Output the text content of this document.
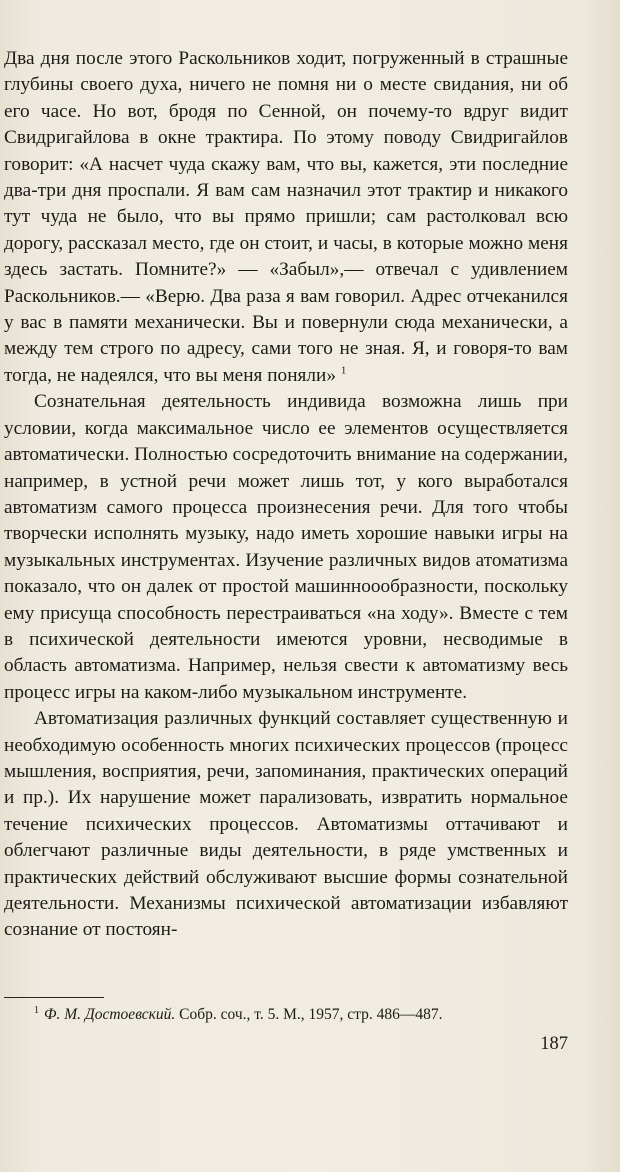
Два дня после этого Раскольников ходит, погруженный в страшные глубины своего духа, ничего не помня ни о месте свидания, ни об его часе. Но вот, бродя по Сенной, он почему-то вдруг видит Свидригайлова в окне трактира. По этому поводу Свидригайлов говорит: «А насчет чуда скажу вам, что вы, кажется, эти последние два-три дня проспали. Я вам сам назначил этот трактир и никакого тут чуда не было, что вы прямо пришли; сам растолковал всю дорогу, рассказал место, где он стоит, и часы, в которые можно меня здесь застать. Помните?» — «Забыл»,— отвечал с удивлением Раскольников.— «Верю. Два раза я вам говорил. Адрес отчеканился у вас в памяти механически. Вы и повернули сюда механически, а между тем строго по адресу, сами того не зная. Я, и говоря-то вам тогда, не надеялся, что вы меня поняли» $^1$

Сознательная деятельность индивида возможна лишь при условии, когда максимальное число ее элементов осуществляется автоматически. Полностью сосредоточить внимание на содержании, например, в устной речи может лишь тот, у кого выработался автоматизм самого процесса произнесения речи. Для того чтобы творчески исполнять музыку, надо иметь хорошие навыки игры на музыкальных инструментах. Изучение различных видов атоматизма показало, что он далек от простой машинноообразности, поскольку ему присуща способность перестраиваться «на ходу». Вместе с тем в психической деятельности имеются уровни, несводимые в область автоматизма. Например, нельзя свести к автоматизму весь процесс игры на каком-либо музыкальном инструменте.

Автоматизация различных функций составляет существенную и необходимую особенность многих психических процессов (процесс мышления, восприятия, речи, запоминания, практических операций и пр.). Их нарушение может парализовать, извратить нормальное течение психических процессов. Автоматизмы оттачивают и облегчают различные виды деятельности, в ряде умственных и практических действий обслуживают высшие формы сознательной деятельности. Механизмы психической автоматизации избавляют сознание от постоян-

$^1$ Ф. М. Достоевский. Собр. соч., т. 5. М., 1957, стр. 486—487.
187
